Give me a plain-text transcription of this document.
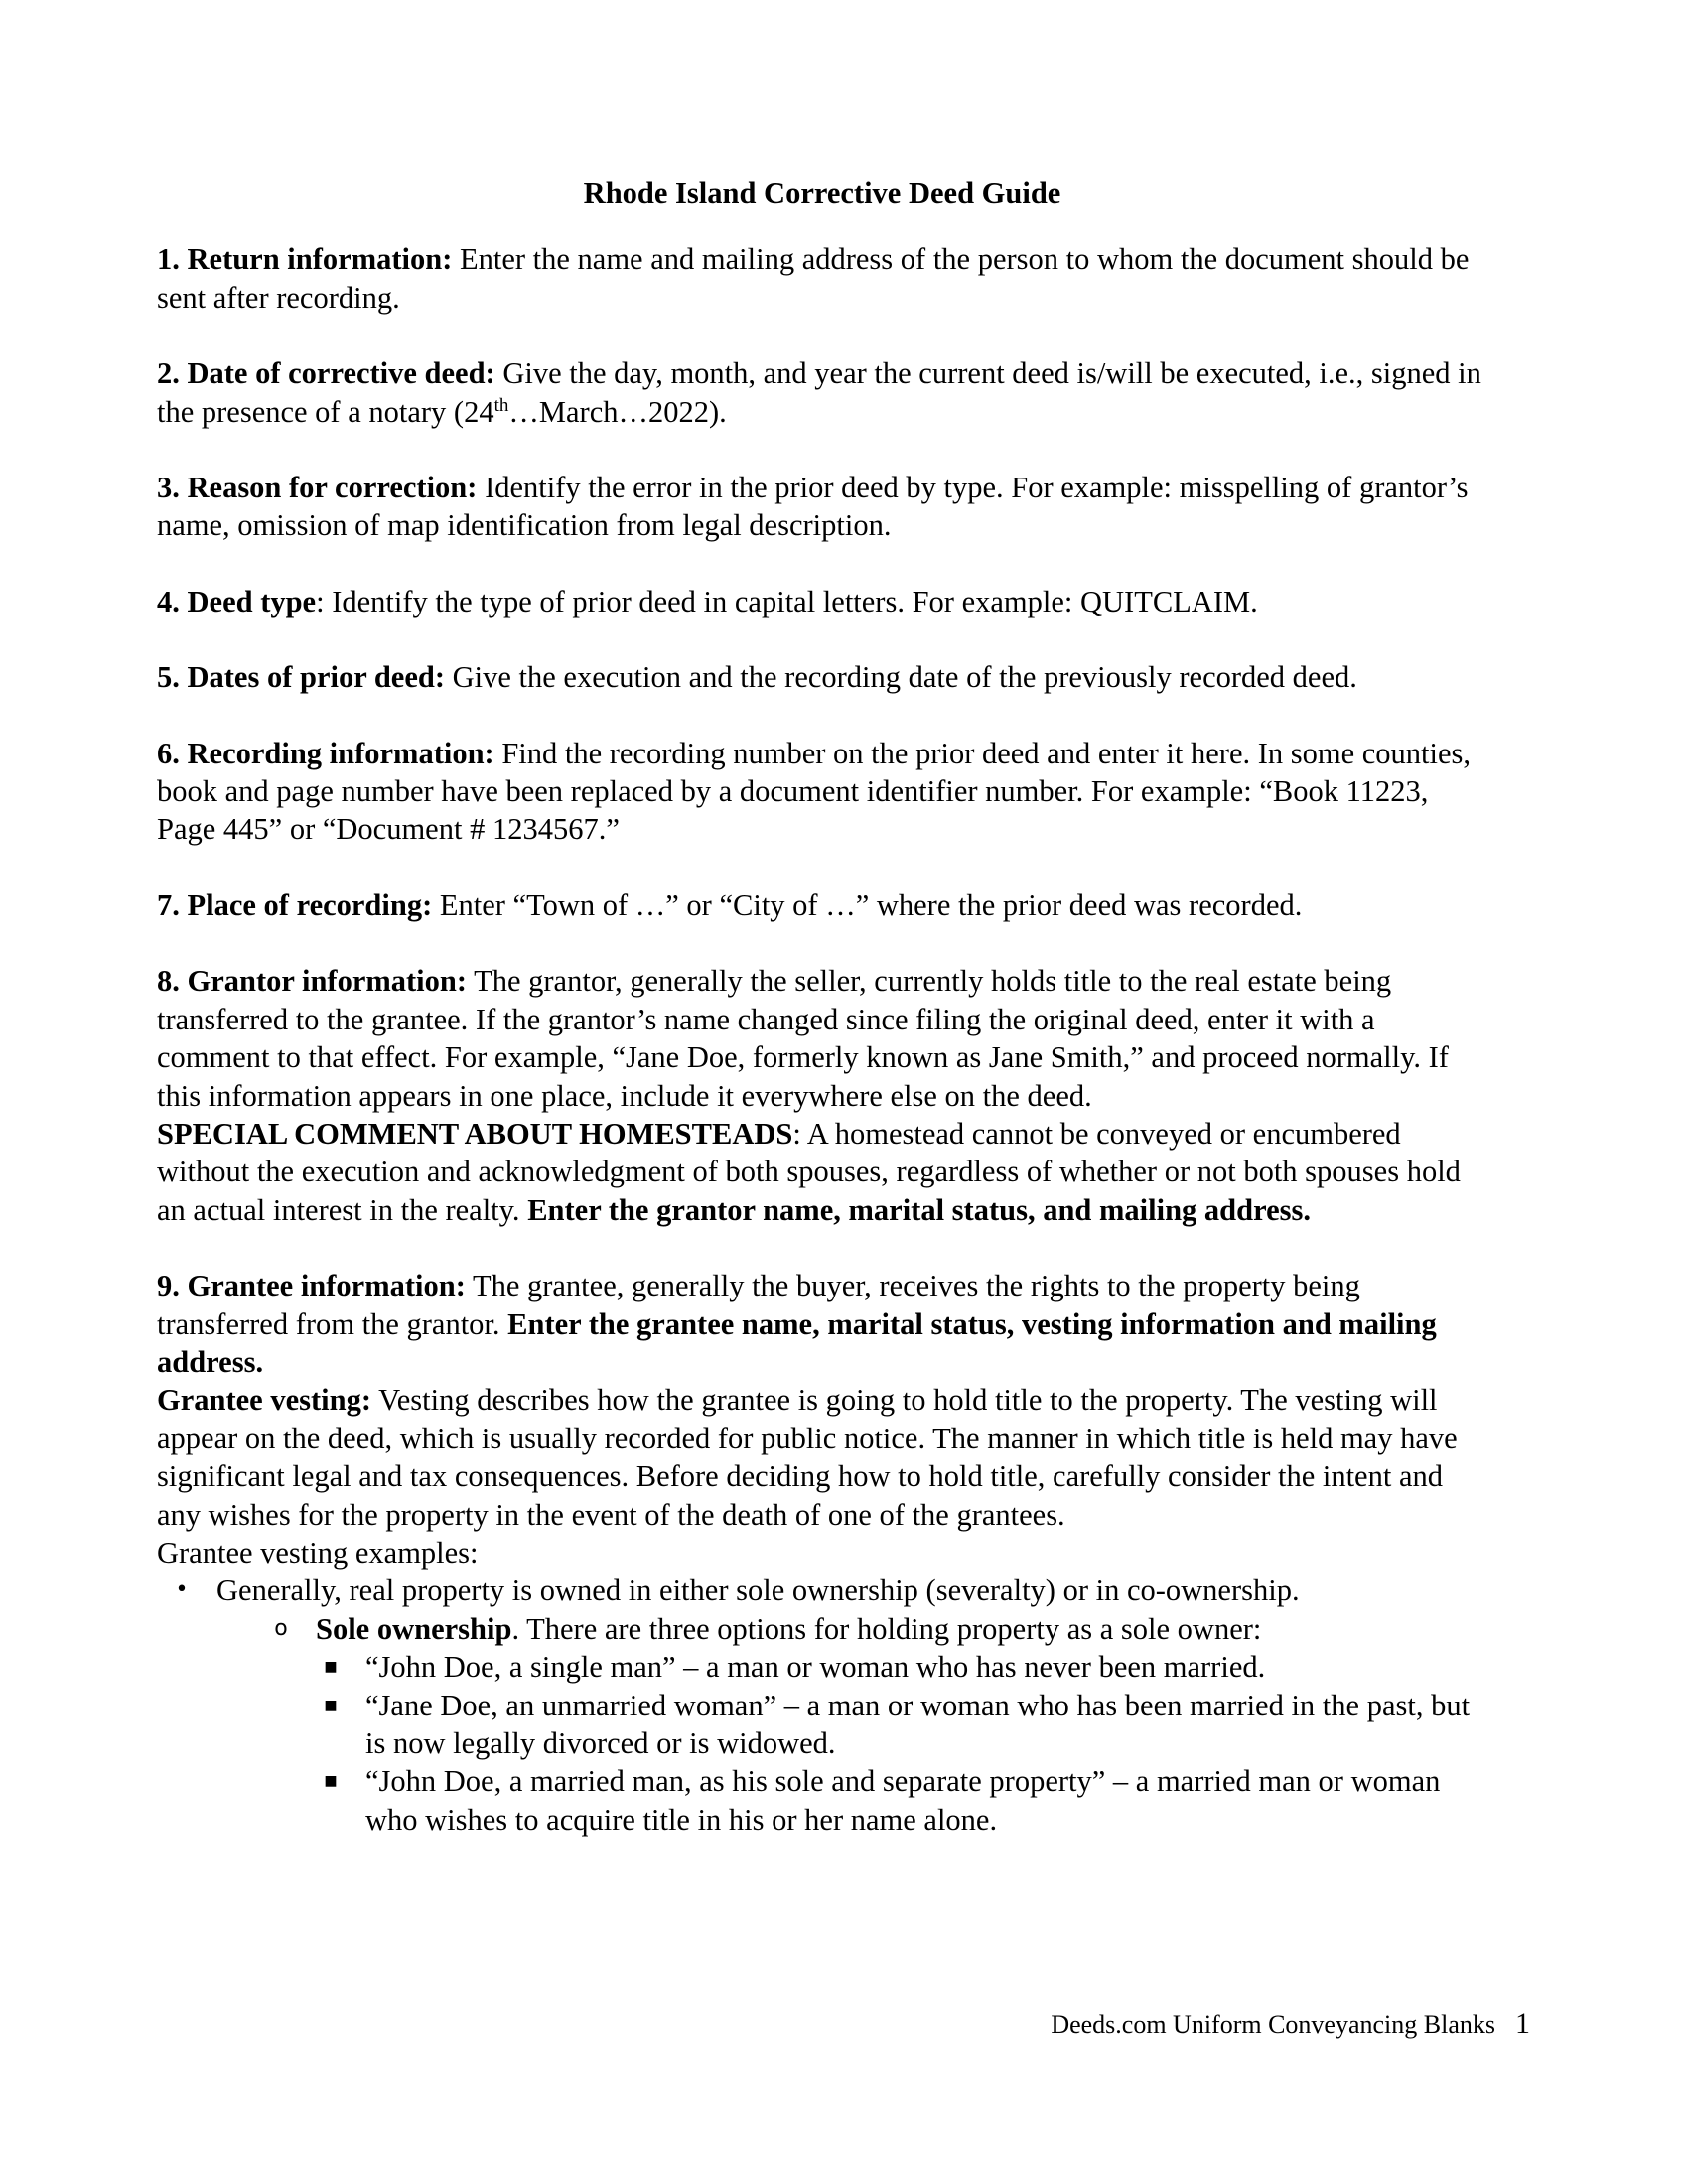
Rhode Island Corrective Deed Guide

1. Return information: Enter the name and mailing address of the person to whom the document should be sent after recording.

2. Date of corrective deed: Give the day, month, and year the current deed is/will be executed, i.e., signed in the presence of a notary (24th…March…2022).

3. Reason for correction: Identify the error in the prior deed by type. For example: misspelling of grantor’s name, omission of map identification from legal description.

4. Deed type: Identify the type of prior deed in capital letters. For example: QUITCLAIM.

5. Dates of prior deed: Give the execution and the recording date of the previously recorded deed.

6. Recording information: Find the recording number on the prior deed and enter it here. In some counties, book and page number have been replaced by a document identifier number. For example: “Book 11223, Page 445” or “Document # 1234567.”

7. Place of recording: Enter “Town of …” or “City of …” where the prior deed was recorded.

8. Grantor information: The grantor, generally the seller, currently holds title to the real estate being transferred to the grantee. If the grantor’s name changed since filing the original deed, enter it with a comment to that effect. For example, “Jane Doe, formerly known as Jane Smith,” and proceed normally. If this information appears in one place, include it everywhere else on the deed.
SPECIAL COMMENT ABOUT HOMESTEADS: A homestead cannot be conveyed or encumbered without the execution and acknowledgment of both spouses, regardless of whether or not both spouses hold an actual interest in the realty. Enter the grantor name, marital status, and mailing address.

9. Grantee information: The grantee, generally the buyer, receives the rights to the property being transferred from the grantor. Enter the grantee name, marital status, vesting information and mailing address.

Grantee vesting: Vesting describes how the grantee is going to hold title to the property. The vesting will appear on the deed, which is usually recorded for public notice. The manner in which title is held may have significant legal and tax consequences. Before deciding how to hold title, carefully consider the intent and any wishes for the property in the event of the death of one of the grantees.

Grantee vesting examples:

• Generally, real property is owned in either sole ownership (severalty) or in co-ownership.
o Sole ownership. There are three options for holding property as a sole owner:
■ “John Doe, a single man” – a man or woman who has never been married.
■ “Jane Doe, an unmarried woman” – a man or woman who has been married in the past, but is now legally divorced or is widowed.
■ “John Doe, a married man, as his sole and separate property” – a married man or woman who wishes to acquire title in his or her name alone.
Deeds.com Uniform Conveyancing Blanks 1
